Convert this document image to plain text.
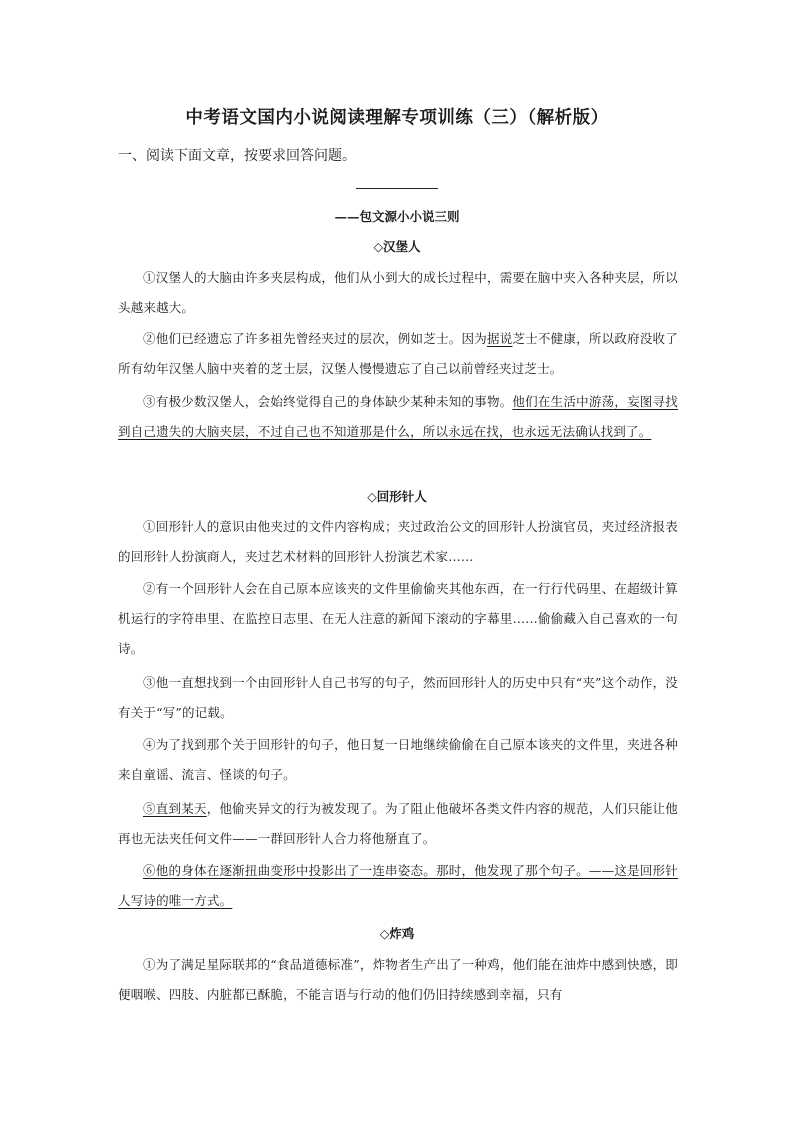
中考语文国内小说阅读理解专项训练（三）（解析版）
一、阅读下面文章，按要求回答问题。
——包文源小小说三则
◇汉堡人
①汉堡人的大脑由许多夹层构成，他们从小到大的成长过程中，需要在脑中夹入各种夹层，所以头越来越大。
②他们已经遗忘了许多祖先曾经夹过的层次，例如芝士。因为据说芝士不健康，所以政府没收了所有幼年汉堡人脑中夹着的芝士层，汉堡人慢慢遗忘了自己以前曾经夹过芝士。
③有极少数汉堡人，会始终觉得自己的身体缺少某种未知的事物。他们在生活中游荡，妄图寻找到自己遗失的大脑夹层，不过自己也不知道那是什么，所以永远在找，也永远无法确认找到了。
◇回形针人
①回形针人的意识由他夹过的文件内容构成；夹过政治公文的回形针人扮演官员，夹过经济报表的回形针人扮演商人，夹过艺术材料的回形针人扮演艺术家……
②有一个回形针人会在自己原本应该夹的文件里偷偷夹其他东西，在一行行代码里、在超级计算机运行的字符串里、在监控日志里、在无人注意的新闻下滚动的字幕里……偷偷藏入自己喜欢的一句诗。
③他一直想找到一个由回形针人自己书写的句子，然而回形针人的历史中只有“夹”这个动作，没有关于“写”的记载。
④为了找到那个关于回形针的句子，他日复一日地继续偷偷在自己原本该夹的文件里，夹进各种来自童谣、流言、怪谈的句子。
⑤直到某天，他偷夹异文的行为被发现了。为了阻止他破坏各类文件内容的规范，人们只能让他再也无法夹任何文件——一群回形针人合力将他掰直了。
⑥他的身体在逐渐扭曲变形中投影出了一连串姿态。那时，他发现了那个句子。——这是回形针人写诗的唯一方式。
◇炸鸡
①为了满足星际联邦的“食品道德标准”，炸物者生产出了一种鸡，他们能在油炸中感到快感，即便咽喉、四肢、内脏都已酥脆，不能言语与行动的他们仍旧持续感到幸福，只有
